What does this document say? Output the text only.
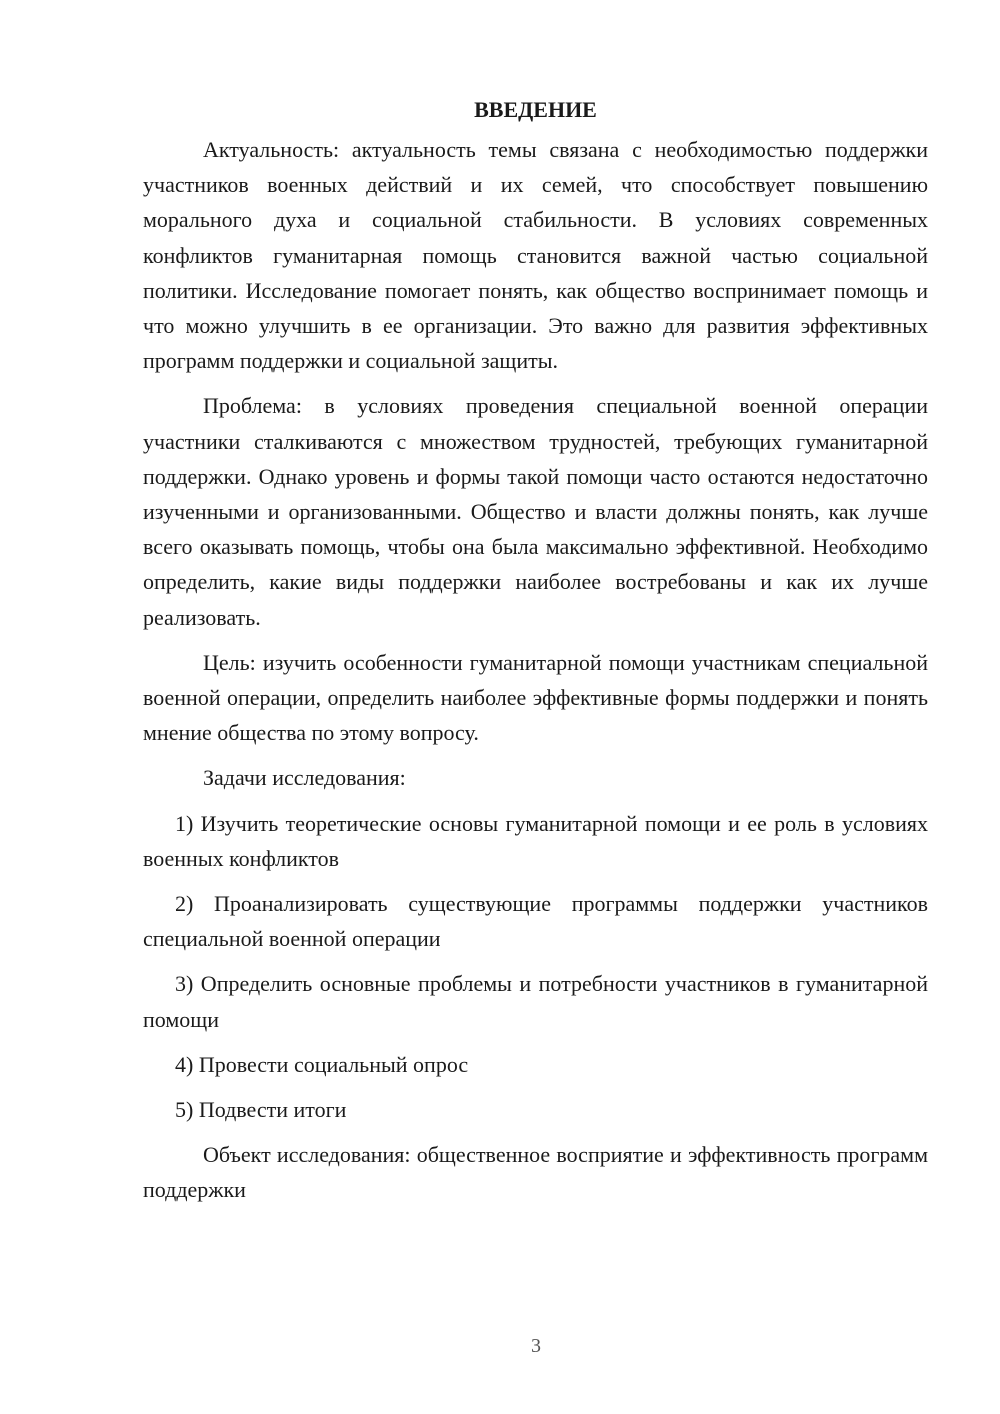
ВВЕДЕНИЕ

Актуальность: актуальность темы связана с необходимостью поддержки участников военных действий и их семей, что способствует повышению морального духа и социальной стабильности. В условиях современных конфликтов гуманитарная помощь становится важной частью социальной политики. Исследование помогает понять, как общество воспринимает помощь и что можно улучшить в ее организации. Это важно для развития эффективных программ поддержки и социальной защиты.

Проблема: в условиях проведения специальной военной операции участники сталкиваются с множеством трудностей, требующих гуманитарной поддержки. Однако уровень и формы такой помощи часто остаются недостаточно изученными и организованными. Общество и власти должны понять, как лучше всего оказывать помощь, чтобы она была максимально эффективной. Необходимо определить, какие виды поддержки наиболее востребованы и как их лучше реализовать.

Цель: изучить особенности гуманитарной помощи участникам специальной военной операции, определить наиболее эффективные формы поддержки и понять мнение общества по этому вопросу.

Задачи исследования:

1) Изучить теоретические основы гуманитарной помощи и ее роль в условиях военных конфликтов

2) Проанализировать существующие программы поддержки участников специальной военной операции

3) Определить основные проблемы и потребности участников в гуманитарной помощи

4) Провести социальный опрос

5) Подвести итоги

Объект исследования: общественное восприятие и эффективность программ поддержки

3
